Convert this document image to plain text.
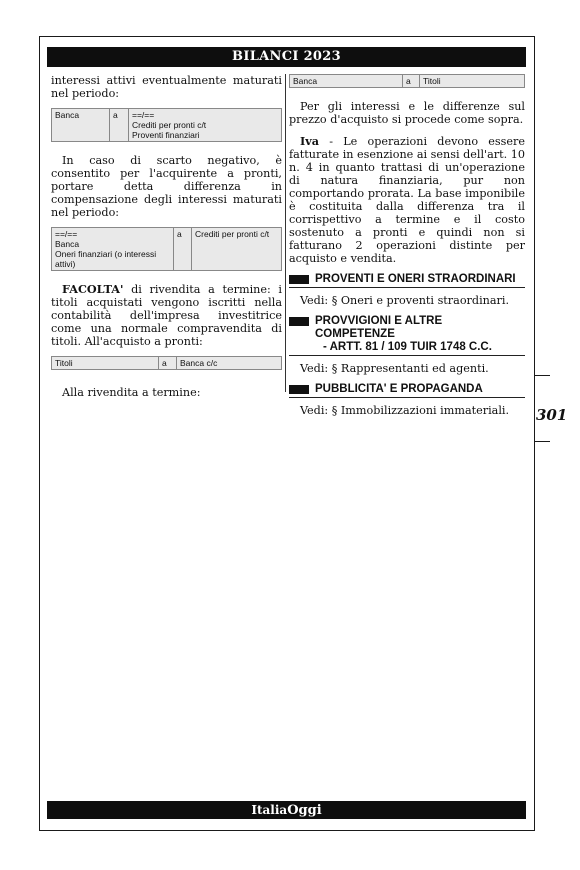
BILANCI 2023

interessi attivi eventualmente maturati nel periodo:

Banca	a	==/==
Crediti per pronti c/t
Proventi finanziari

In caso di scarto negativo, è consentito per l'acquirente a pronti, portare detta differenza in compensazione degli interessi maturati nel periodo:

==/==
Banca
Oneri finanziari (o interessi attivi)
a	Crediti per pronti c/t

FACOLTA' di rivendita a termine: i titoli acquistati vengono iscritti nella contabilità dell'impresa investitrice come una normale compravendita di titoli. All'acquisto a pronti:

Titoli	a	Banca c/c

Alla rivendita a termine:

Banca	a	Titoli

Per gli interessi e le differenze sul prezzo d'acquisto si procede come sopra.

Iva - Le operazioni devono essere fatturate in esenzione ai sensi dell'art. 10 n. 4 in quanto trattasi di un'operazione di natura finanziaria, pur non comportando prorata. La base imponibile è costituita dalla differenza tra il corrispettivo a termine e il costo sostenuto a pronti e quindi non si fatturano 2 operazioni distinte per acquisto e vendita.

PROVENTI E ONERI STRAORDINARI

Vedi: § Oneri e proventi straordinari.

PROVVIGIONI E ALTRE COMPETENZE
- ARTT. 81 / 109 TUIR 1748 C.C.

Vedi: § Rappresentanti ed agenti.

PUBBLICITA' E PROPAGANDA

Vedi: § Immobilizzazioni immateriali.	301
ItaliaOggi
